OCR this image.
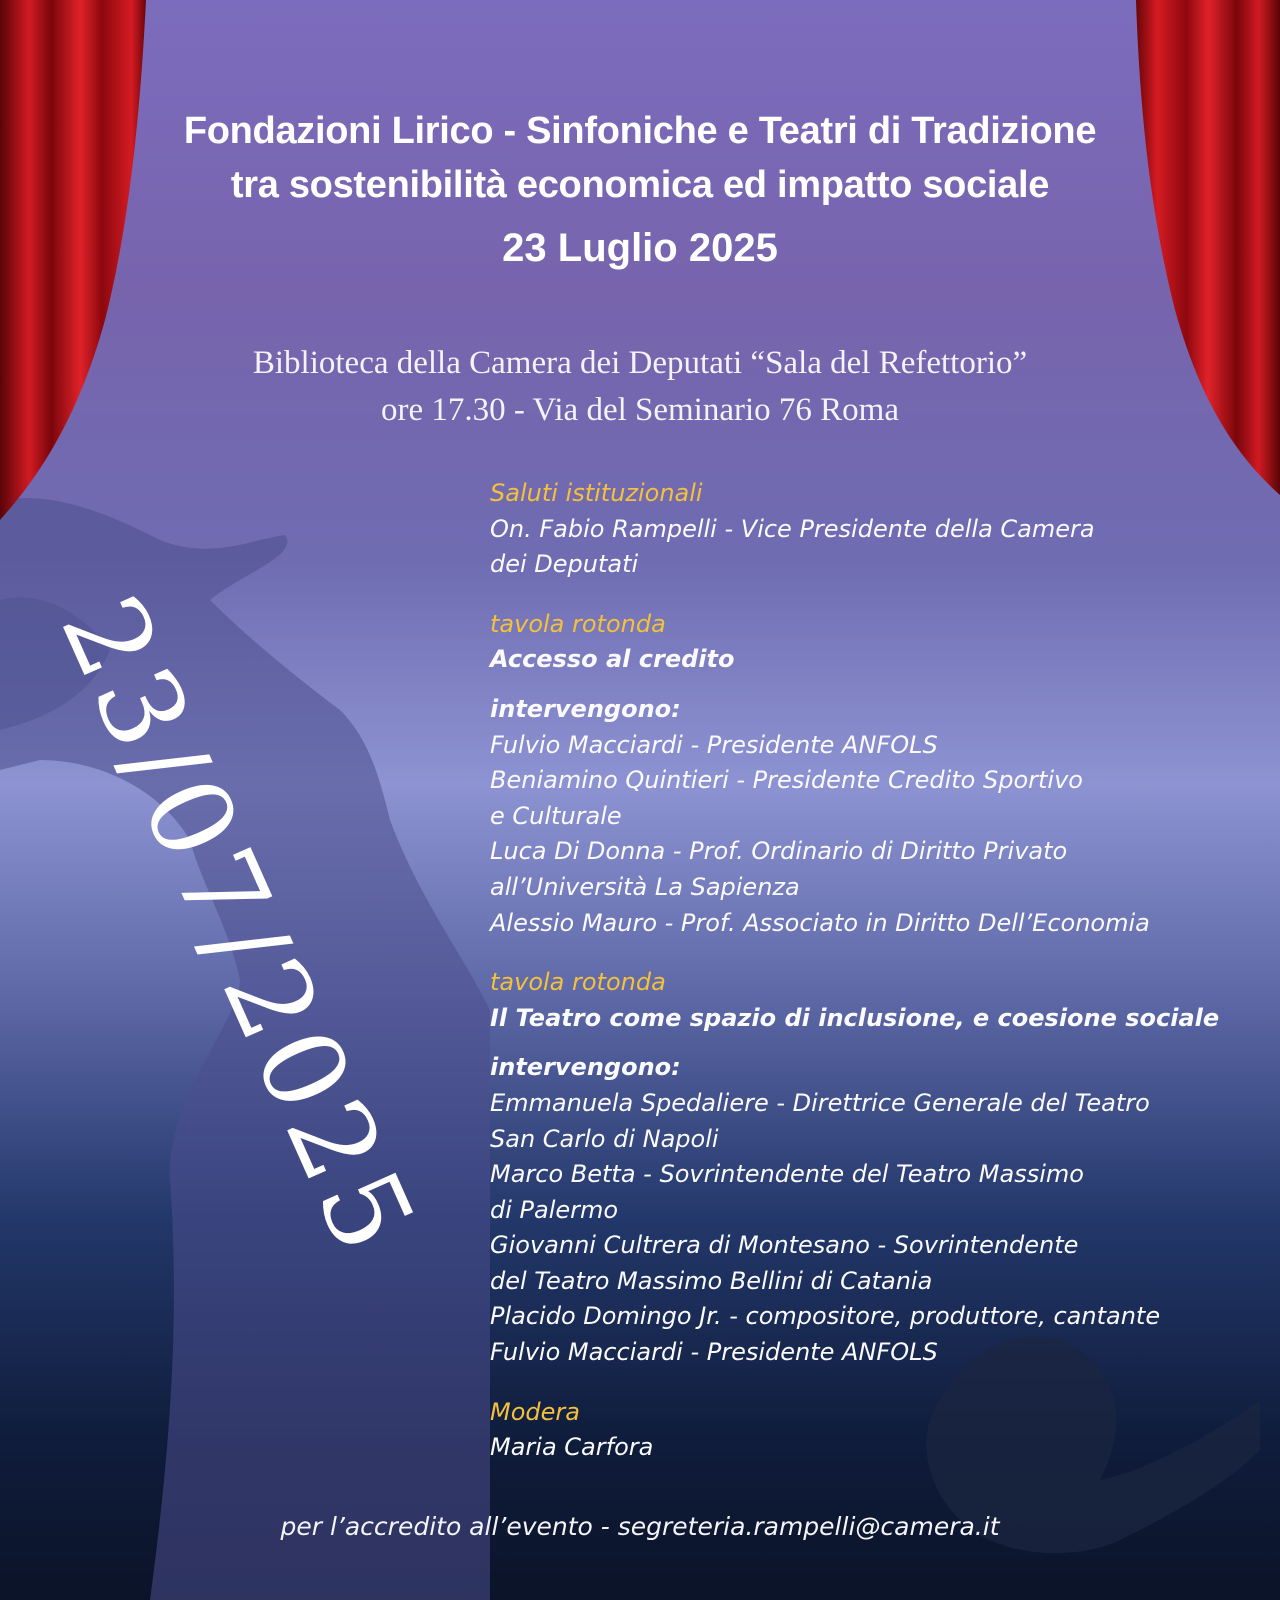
Fondazioni Lirico - Sinfoniche e Teatri di Tradizione
tra sostenibilità economica ed impatto sociale
23 Luglio 2025
Biblioteca della Camera dei Deputati “Sala del Refettorio”
ore 17.30 - Via del Seminario 76 Roma
23/07/2025
Saluti istituzionali
On. Fabio Rampelli - Vice Presidente della Camera
dei Deputati
tavola rotonda
Accesso al credito
intervengono:
Fulvio Macciardi - Presidente ANFOLS
Beniamino Quintieri - Presidente Credito Sportivo
e Culturale
Luca Di Donna - Prof. Ordinario di Diritto Privato
all’Università La Sapienza
Alessio Mauro - Prof. Associato in Diritto Dell’Economia
tavola rotonda
Il Teatro come spazio di inclusione, e coesione sociale
intervengono:
Emmanuela Spedaliere - Direttrice Generale del Teatro
San Carlo di Napoli
Marco Betta - Sovrintendente del Teatro Massimo
di Palermo
Giovanni Cultrera di Montesano - Sovrintendente
del Teatro Massimo Bellini di Catania
Placido Domingo Jr. - compositore, produttore, cantante
Fulvio Macciardi - Presidente ANFOLS
Modera
Maria Carfora
per l’accredito all’evento - segreteria.rampelli@camera.it
